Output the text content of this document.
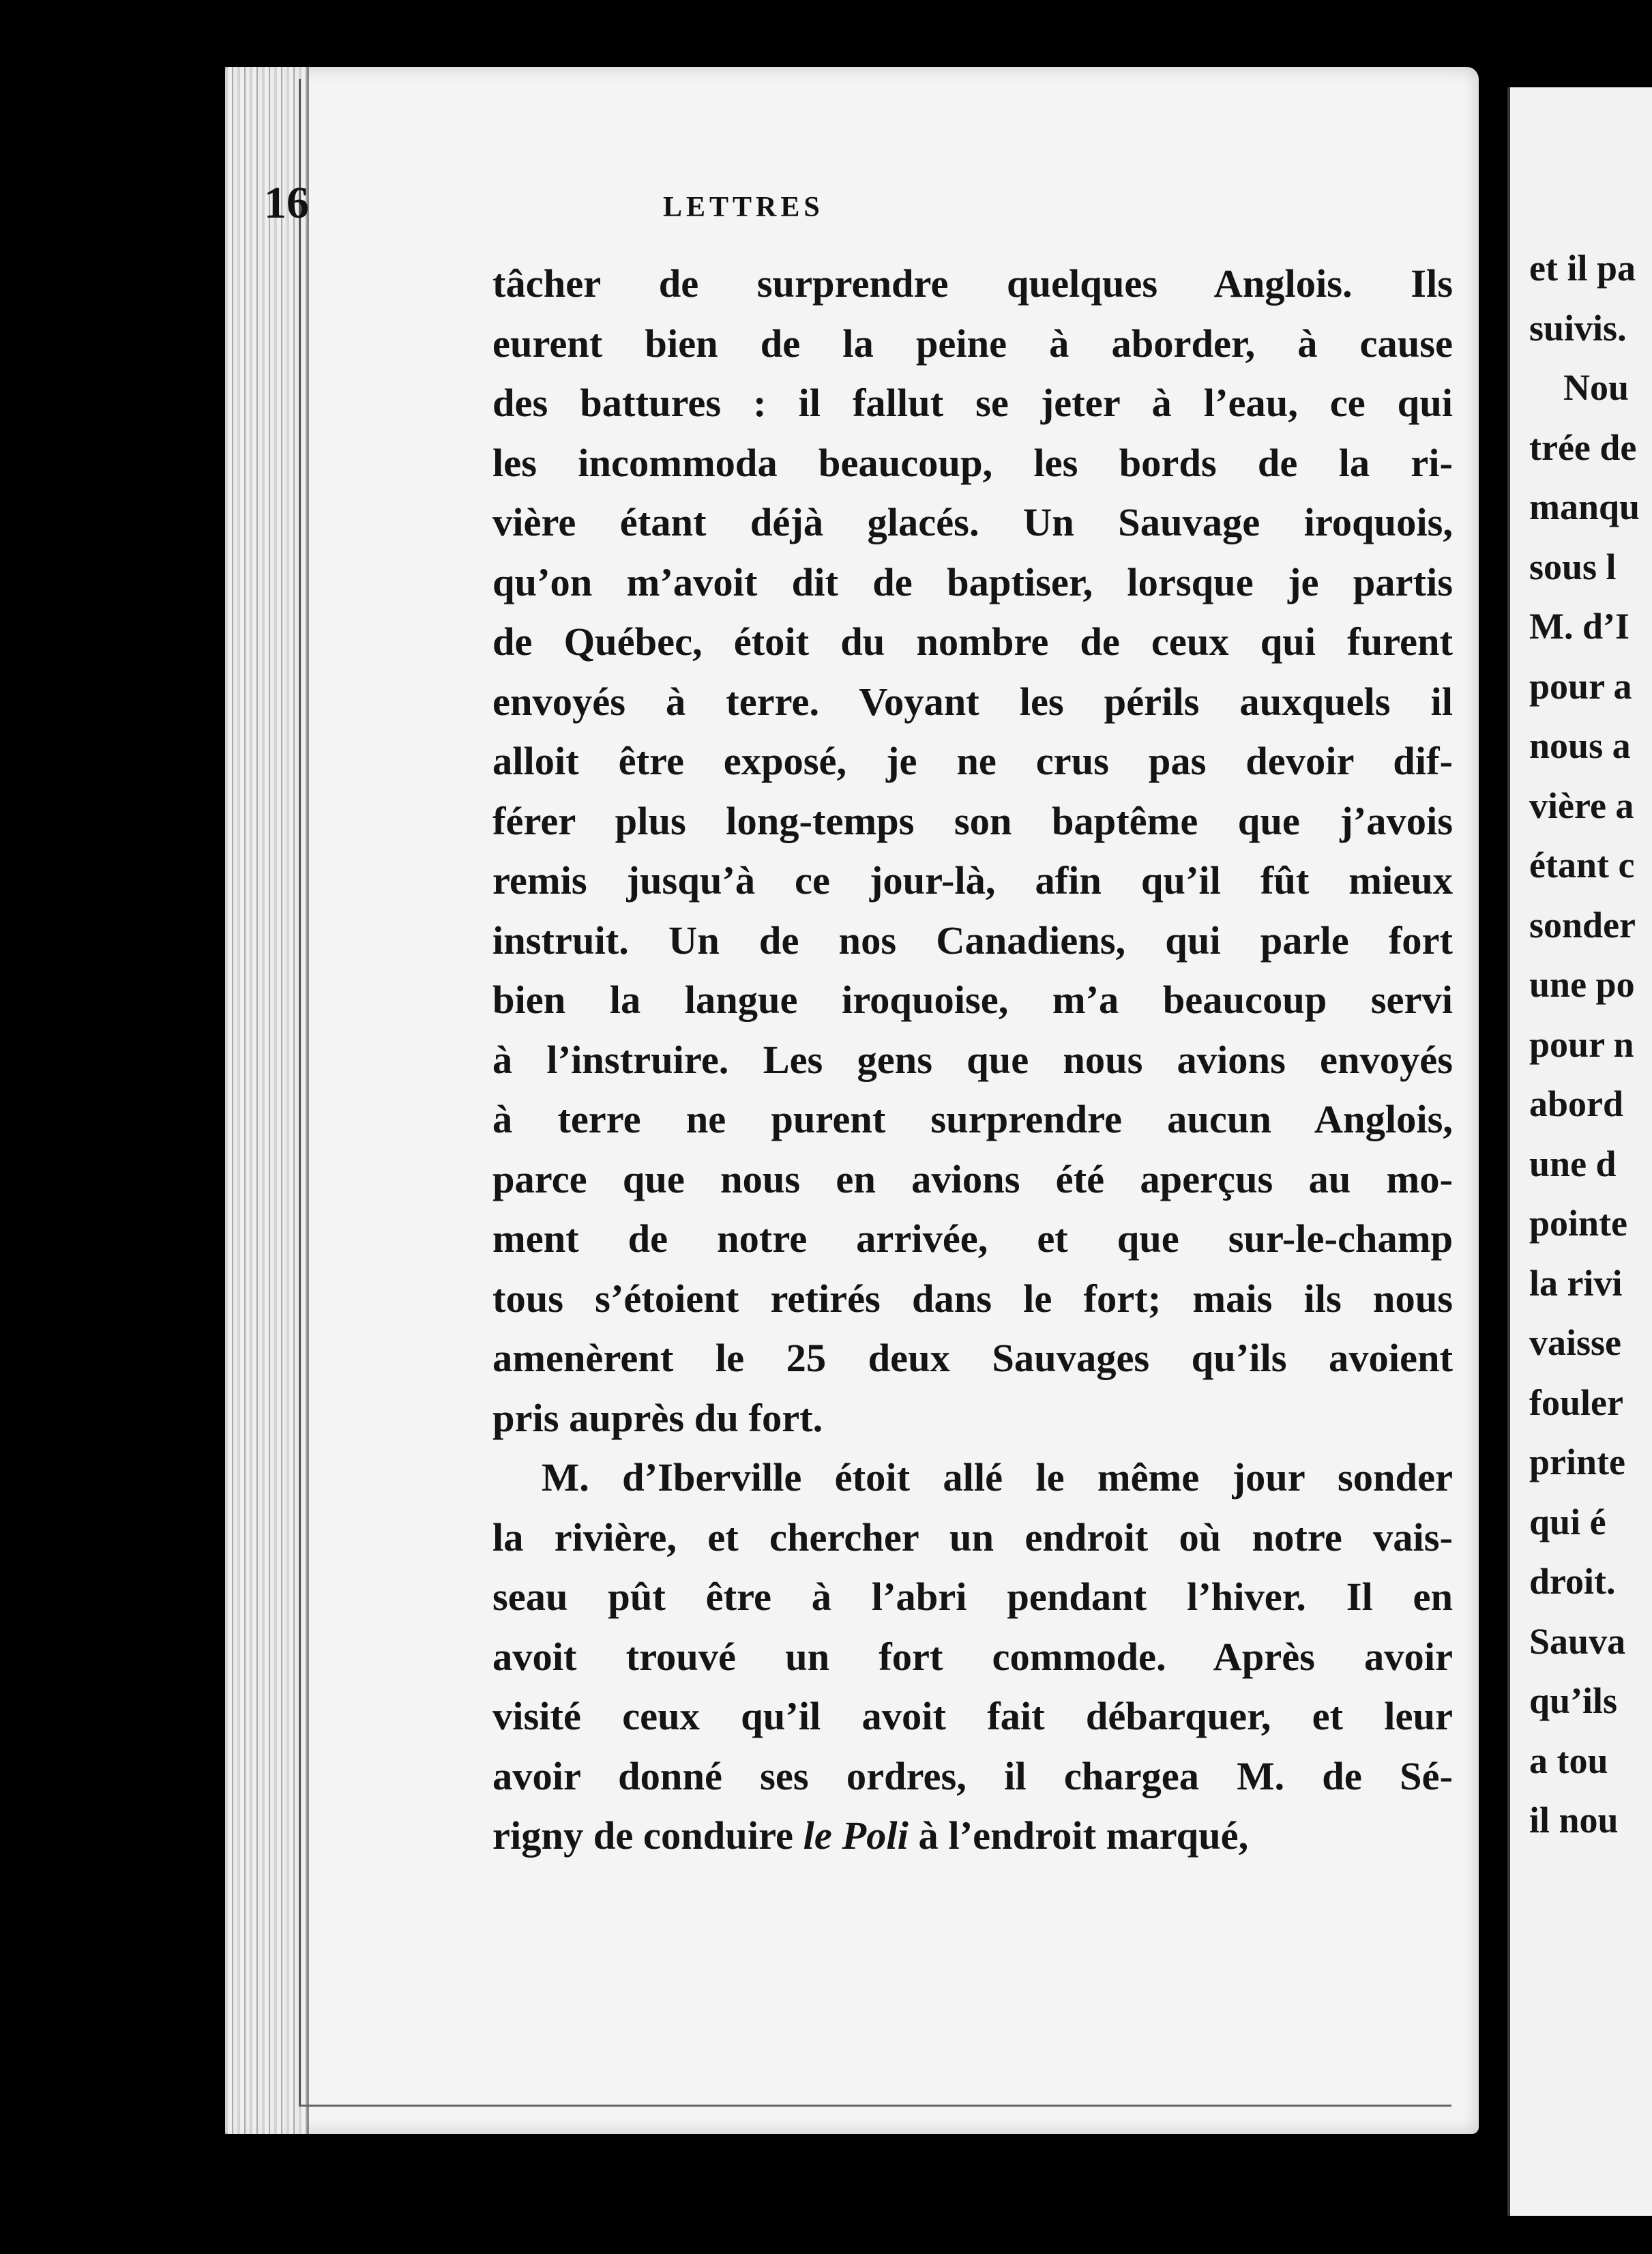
16	LETTRES
tâcher de surprendre quelques Anglois. Ils
eurent bien de la peine à aborder, à cause
des battures : il fallut se jeter à l’eau, ce qui
les incommoda beaucoup, les bords de la ri-
vière étant déjà glacés. Un Sauvage iroquois,
qu’on m’avoit dit de baptiser, lorsque je partis
de Québec, étoit du nombre de ceux qui furent
envoyés à terre. Voyant les périls auxquels il
alloit être exposé, je ne crus pas devoir dif-
férer plus long-temps son baptême que j’avois
remis jusqu’à ce jour-là, afin qu’il fût mieux
instruit. Un de nos Canadiens, qui parle fort
bien la langue iroquoise, m’a beaucoup servi
à l’instruire. Les gens que nous avions envoyés
à terre ne purent surprendre aucun Anglois,
parce que nous en avions été aperçus au mo-
ment de notre arrivée, et que sur-le-champ
tous s’étoient retirés dans le fort; mais ils nous
amenèrent le 25 deux Sauvages qu’ils avoient
pris auprès du fort.
M. d’Iberville étoit allé le même jour sonder
la rivière, et chercher un endroit où notre vais-
seau pût être à l’abri pendant l’hiver. Il en
avoit trouvé un fort commode. Après avoir
visité ceux qu’il avoit fait débarquer, et leur
avoir donné ses ordres, il chargea M. de Sé-
rigny de conduire le Poli à l’endroit marqué,
et il pa
suivis.
Nou
trée de
manqu
sous l
M. d’I
pour a
nous a
vière a
étant c
sonder
une po
pour n
abord
une d
pointe
la rivi
vaisse
fouler
printe
qui é
droit.
Sauva
qu’ils
a tou
il nou
